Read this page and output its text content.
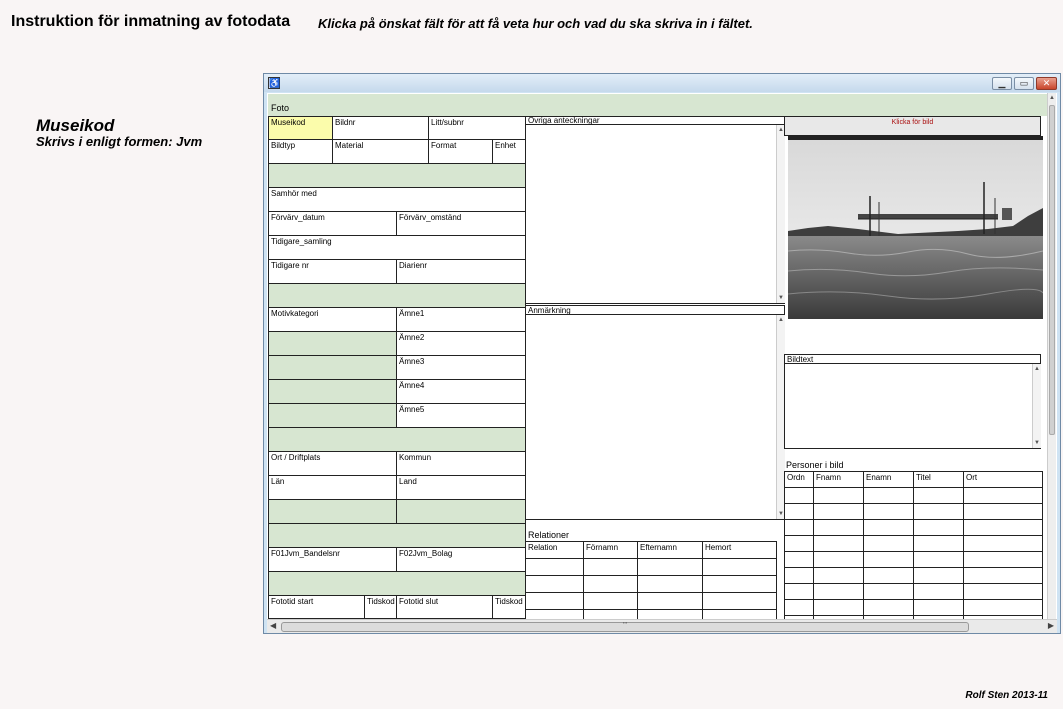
Instruktion för inmatning av fotodata Klicka på önskat fält för att få veta hur och vad du ska skriva in i fältet.
Museikod
Skrivs i enligt formen: Jvm
Rolf Sten 2013-11
♿	▁	▭	✕
Foto
Museikod	Bildnr	Litt/subnr
Bildtyp	Material	Format	Enhet
Samhör med
Förvärv_datum	Förvärv_omständ
Tidigare_samling
Tidigare nr	Diarienr
Motivkategori	Ämne1
Ämne2
Ämne3
Ämne4
Ämne5
Ort / Driftplats	Kommun
Län	Land
F01Jvm_Bandelsnr	F02Jvm_Bolag
Fototid start	Tidskod Fototid slut	Tidskod
Övriga anteckningar
▲
▼
Anmärkning
▲
▼
Relationer
Relation	Förnamn	Efternamn	Hemort
Klicka för bild
Bildtext
▲
▼
Personer i bild
Ordn	Fnamn	Enamn	Titel	Ort
▲
◀	'''	▶
